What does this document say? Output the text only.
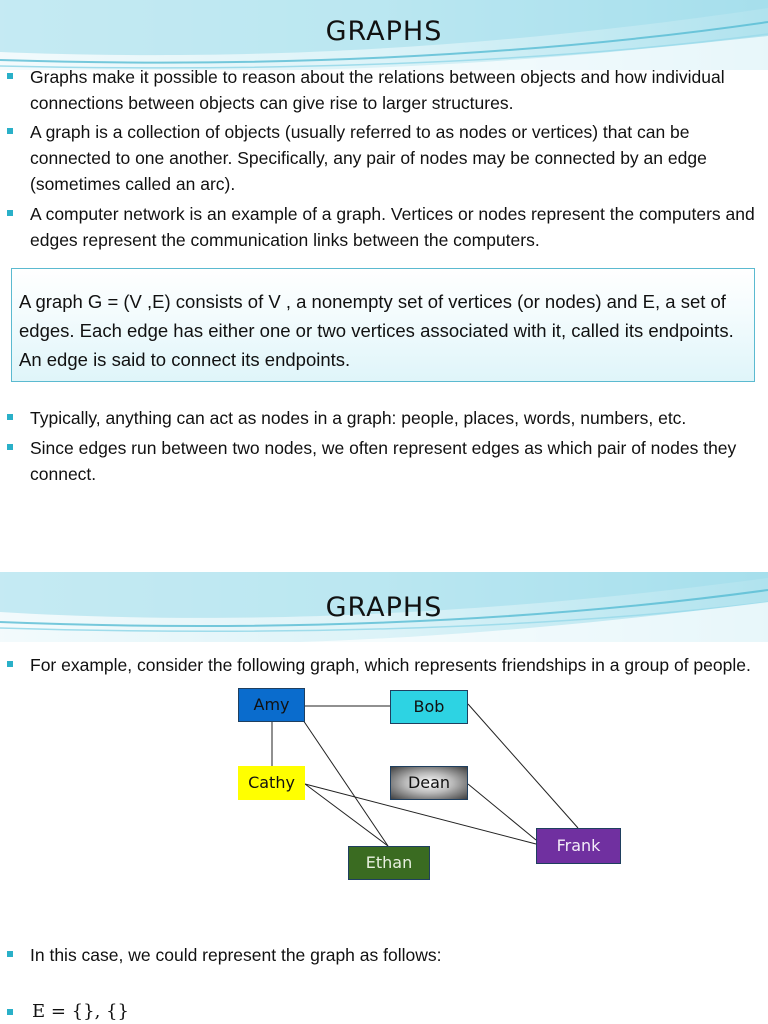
GRAPHS
Graphs make it possible to reason about the relations between objects and how individual connections between objects can give rise to larger structures.
A graph is a collection of objects (usually referred to as nodes or vertices) that can be connected to one another. Specifically, any pair of nodes may be connected by an edge (sometimes called an arc).
A computer network is an example of a graph. Vertices or nodes represent the computers and edges represent the communication links between the computers.
A graph G = (V ,E) consists of V , a nonempty set of vertices (or nodes) and E, a set of edges. Each edge has either one or two vertices associated with it, called its endpoints. An edge is said to connect its endpoints.
Typically, anything can act as nodes in a graph: people, places, words, numbers, etc.
Since edges run between two nodes, we often represent edges as which pair of nodes they connect.
GRAPHS
For example, consider the following graph, which represents friendships in a group of people.
Amy	Bob
Cathy	Dean
Ethan
Frank
In this case, we could represent the graph as follows:
E = {}, {}
